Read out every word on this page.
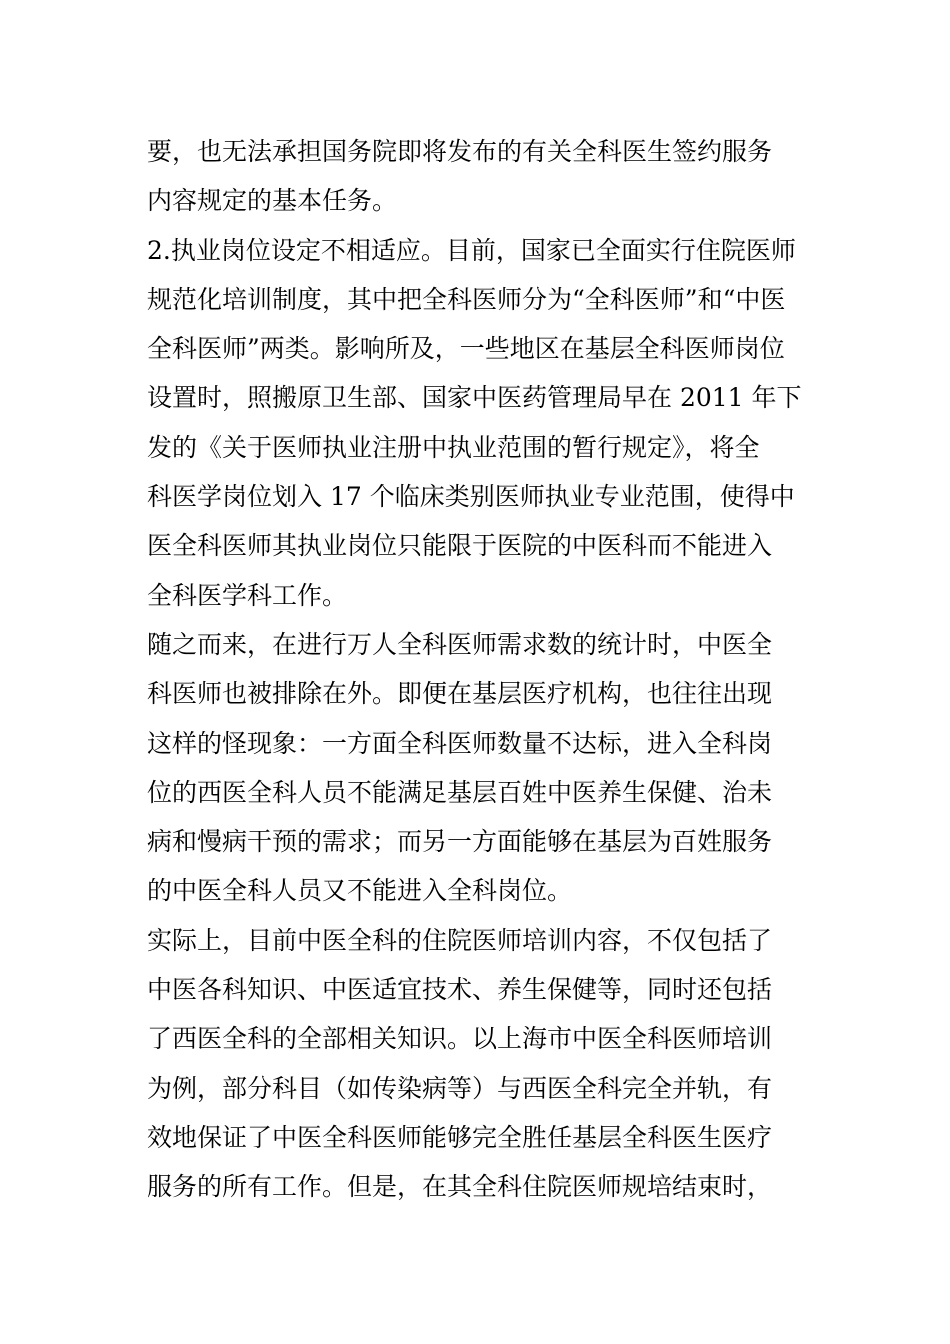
要，也无法承担国务院即将发布的有关全科医生签约服务
内容规定的基本任务。
2.执业岗位设定不相适应。目前，国家已全面实行住院医师
规范化培训制度，其中把全科医师分为“全科医师”和“中医
全科医师”两类。影响所及，一些地区在基层全科医师岗位
设置时，照搬原卫生部、国家中医药管理局早在 2011 年下
发的《关于医师执业注册中执业范围的暂行规定》，将全
科医学岗位划入 17 个临床类别医师执业专业范围，使得中
医全科医师其执业岗位只能限于医院的中医科而不能进入
全科医学科工作。
随之而来，在进行万人全科医师需求数的统计时，中医全
科医师也被排除在外。即便在基层医疗机构，也往往出现
这样的怪现象：一方面全科医师数量不达标，进入全科岗
位的西医全科人员不能满足基层百姓中医养生保健、治未
病和慢病干预的需求；而另一方面能够在基层为百姓服务
的中医全科人员又不能进入全科岗位。
实际上，目前中医全科的住院医师培训内容，不仅包括了
中医各科知识、中医适宜技术、养生保健等，同时还包括
了西医全科的全部相关知识。以上海市中医全科医师培训
为例，部分科目（如传染病等）与西医全科完全并轨，有
效地保证了中医全科医师能够完全胜任基层全科医生医疗
服务的所有工作。但是，在其全科住院医师规培结束时，
